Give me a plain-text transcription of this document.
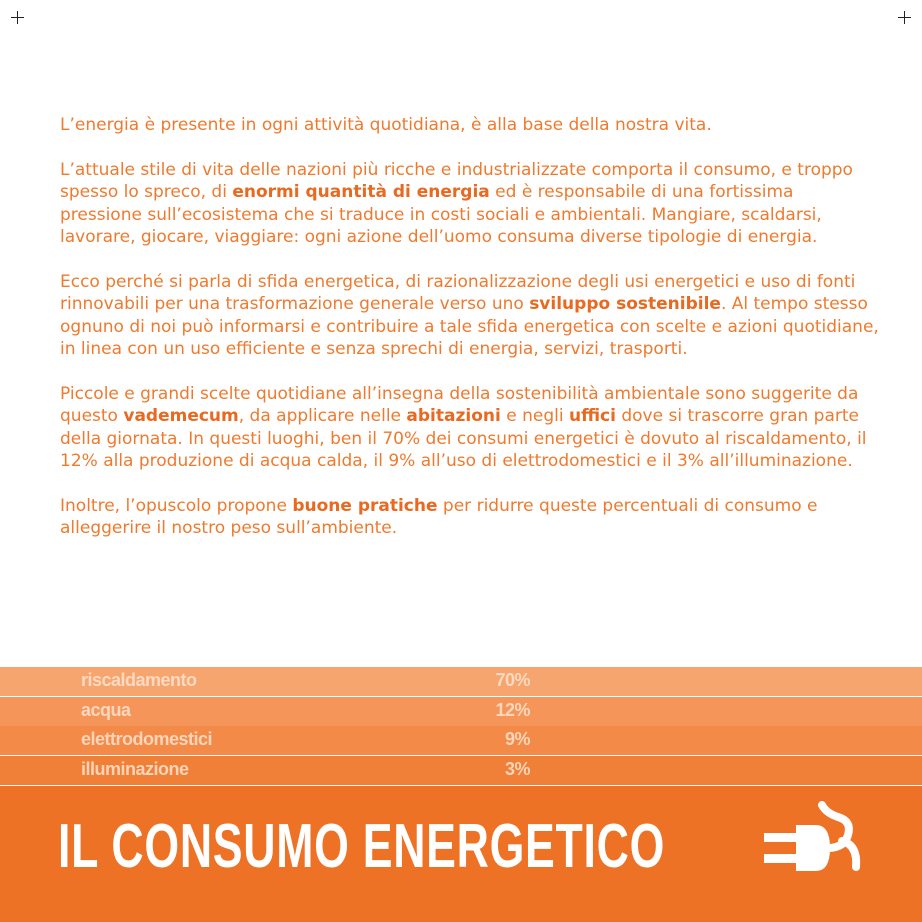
L’energia è presente in ogni attività quotidiana, è alla base della nostra vita.

L’attuale stile di vita delle nazioni più ricche e industrializzate comporta il consumo, e troppo spesso lo spreco, di enormi quantità di energia ed è responsabile di una fortissima pressione sull’ecosistema che si traduce in costi sociali e ambientali. Mangiare, scaldarsi, lavorare, giocare, viaggiare: ogni azione dell’uomo consuma diverse tipologie di energia.

Ecco perché si parla di sfida energetica, di razionalizzazione degli usi energetici e uso di fonti rinnovabili per una trasformazione generale verso uno sviluppo sostenibile. Al tempo stesso ognuno di noi può informarsi e contribuire a tale sfida energetica con scelte e azioni quotidiane, in linea con un uso efficiente e senza sprechi di energia, servizi, trasporti.

Piccole e grandi scelte quotidiane all’insegna della sostenibilità ambientale sono suggerite da questo vademecum, da applicare nelle abitazioni e negli uffici dove si trascorre gran parte della giornata. In questi luoghi, ben il 70% dei consumi energetici è dovuto al riscaldamento, il 12% alla produzione di acqua calda, il 9% all’uso di elettrodomestici e il 3% all’illuminazione.

Inoltre, l’opuscolo propone buone pratiche per ridurre queste percentuali di consumo e alleggerire il nostro peso sull’ambiente.

riscaldamento	70%
acqua	12%
elettrodomestici	9%
illuminazione	3%
IL CONSUMO ENERGETICO
